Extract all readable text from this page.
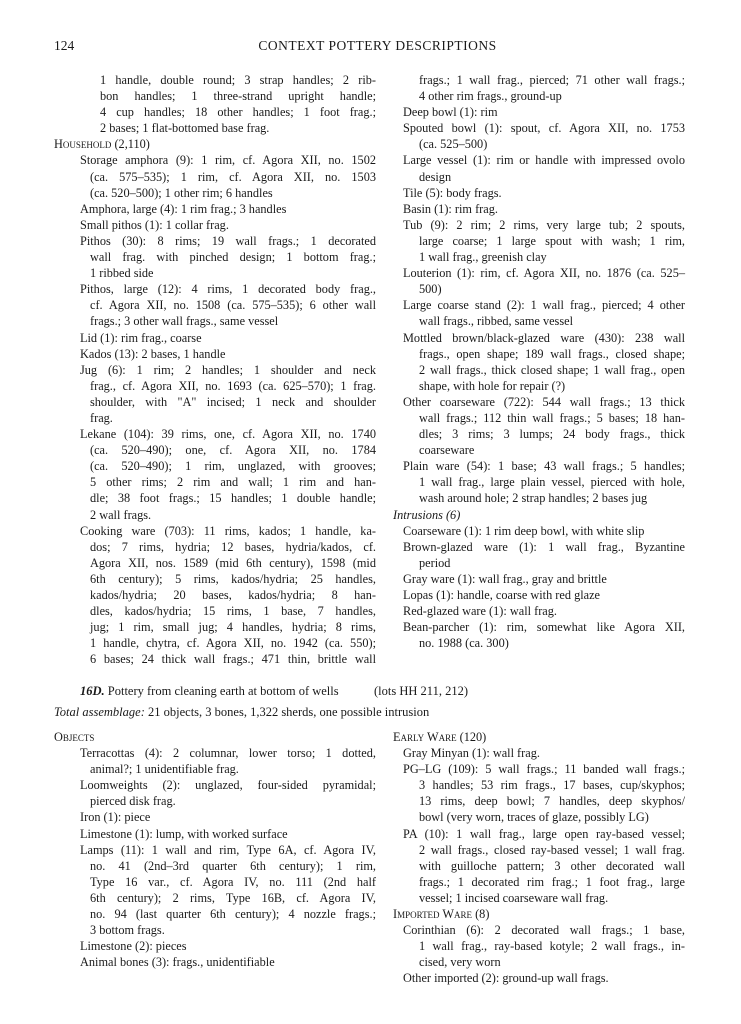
124	CONTEXT POTTERY DESCRIPTIONS
1 handle, double round; 3 strap handles; 2 rib-
bon handles; 1 three-strand upright handle;
4 cup handles; 18 other handles; 1 foot frag.;
2 bases; 1 flat-bottomed base frag.
Household (2,110)
Storage amphora (9): 1 rim, cf. Agora XII, no. 1502
(ca. 575–535); 1 rim, cf. Agora XII, no. 1503
(ca. 520–500); 1 other rim; 6 handles
Amphora, large (4): 1 rim frag.; 3 handles
Small pithos (1): 1 collar frag.
Pithos (30): 8 rims; 19 wall frags.; 1 decorated
wall frag. with pinched design; 1 bottom frag.;
1 ribbed side
Pithos, large (12): 4 rims, 1 decorated body frag.,
cf. Agora XII, no. 1508 (ca. 575–535); 6 other wall
frags.; 3 other wall frags., same vessel
Lid (1): rim frag., coarse
Kados (13): 2 bases, 1 handle
Jug (6): 1 rim; 2 handles; 1 shoulder and neck
frag., cf. Agora XII, no. 1693 (ca. 625–570); 1 frag.
shoulder, with "A" incised; 1 neck and shoulder
frag.
Lekane (104): 39 rims, one, cf. Agora XII, no. 1740
(ca. 520–490); one, cf. Agora XII, no. 1784
(ca. 520–490); 1 rim, unglazed, with grooves;
5 other rims; 2 rim and wall; 1 rim and han-
dle; 38 foot frags.; 15 handles; 1 double handle;
2 wall frags.
Cooking ware (703): 11 rims, kados; 1 handle, ka-
dos; 7 rims, hydria; 12 bases, hydria/kados, cf.
Agora XII, nos. 1589 (mid 6th century), 1598 (mid
6th century); 5 rims, kados/hydria; 25 handles,
kados/hydria; 20 bases, kados/hydria; 8 han-
dles, kados/hydria; 15 rims, 1 base, 7 handles,
jug; 1 rim, small jug; 4 handles, hydria; 8 rims,
1 handle, chytra, cf. Agora XII, no. 1942 (ca. 550);
6 bases; 24 thick wall frags.; 471 thin, brittle wall
frags.; 1 wall frag., pierced; 71 other wall frags.;
4 other rim frags., ground-up
Deep bowl (1): rim
Spouted bowl (1): spout, cf. Agora XII, no. 1753
(ca. 525–500)
Large vessel (1): rim or handle with impressed ovolo
design
Tile (5): body frags.
Basin (1): rim frag.
Tub (9): 2 rim; 2 rims, very large tub; 2 spouts,
large coarse; 1 large spout with wash; 1 rim,
1 wall frag., greenish clay
Louterion (1): rim, cf. Agora XII, no. 1876 (ca. 525–
500)
Large coarse stand (2): 1 wall frag., pierced; 4 other
wall frags., ribbed, same vessel
Mottled brown/black-glazed ware (430): 238 wall
frags., open shape; 189 wall frags., closed shape;
2 wall frags., thick closed shape; 1 wall frag., open
shape, with hole for repair (?)
Other coarseware (722): 544 wall frags.; 13 thick
wall frags.; 112 thin wall frags.; 5 bases; 18 han-
dles; 3 rims; 3 lumps; 24 body frags., thick
coarseware
Plain ware (54): 1 base; 43 wall frags.; 5 handles;
1 wall frag., large plain vessel, pierced with hole,
wash around hole; 2 strap handles; 2 bases jug
Intrusions (6)
Coarseware (1): 1 rim deep bowl, with white slip
Brown-glazed ware (1): 1 wall frag., Byzantine
period
Gray ware (1): wall frag., gray and brittle
Lopas (1): handle, coarse with red glaze
Red-glazed ware (1): wall frag.
Bean-parcher (1): rim, somewhat like Agora XII,
no. 1988 (ca. 300)
16D. Pottery from cleaning earth at bottom of wells	(lots HH 211, 212)
Total assemblage: 21 objects, 3 bones, 1,322 sherds, one possible intrusion
Objects
Terracottas (4): 2 columnar, lower torso; 1 dotted,
animal?; 1 unidentifiable frag.
Loomweights (2): unglazed, four-sided pyramidal;
pierced disk frag.
Iron (1): piece
Limestone (1): lump, with worked surface
Lamps (11): 1 wall and rim, Type 6A, cf. Agora IV,
no. 41 (2nd–3rd quarter 6th century); 1 rim,
Type 16 var., cf. Agora IV, no. 111 (2nd half
6th century); 2 rims, Type 16B, cf. Agora IV,
no. 94 (last quarter 6th century); 4 nozzle frags.;
3 bottom frags.
Limestone (2): pieces
Animal bones (3): frags., unidentifiable
Early Ware (120)
Gray Minyan (1): wall frag.
PG–LG (109): 5 wall frags.; 11 banded wall frags.;
3 handles; 53 rim frags., 17 bases, cup/skyphos;
13 rims, deep bowl; 7 handles, deep skyphos/
bowl (very worn, traces of glaze, possibly LG)
PA (10): 1 wall frag., large open ray-based vessel;
2 wall frags., closed ray-based vessel; 1 wall frag.
with guilloche pattern; 3 other decorated wall
frags.; 1 decorated rim frag.; 1 foot frag., large
vessel; 1 incised coarseware wall frag.
Imported Ware (8)
Corinthian (6): 2 decorated wall frags.; 1 base,
1 wall frag., ray-based kotyle; 2 wall frags., in-
cised, very worn
Other imported (2): ground-up wall frags.
